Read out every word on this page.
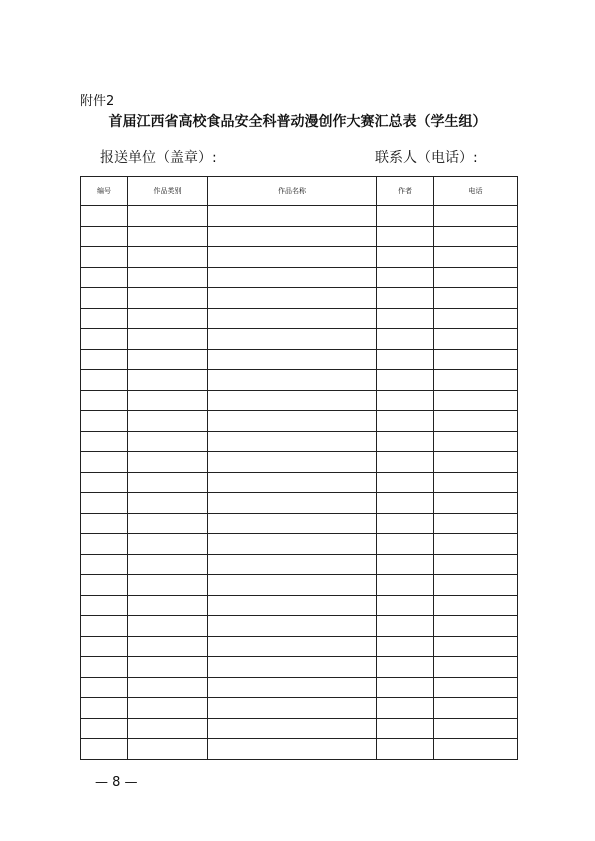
附件2
首届江西省高校食品安全科普动漫创作大赛汇总表（学生组）
报送单位（盖章）:	联系人（电话）:
编号	作品类别	作品名称	作者	电话

— 8 —
